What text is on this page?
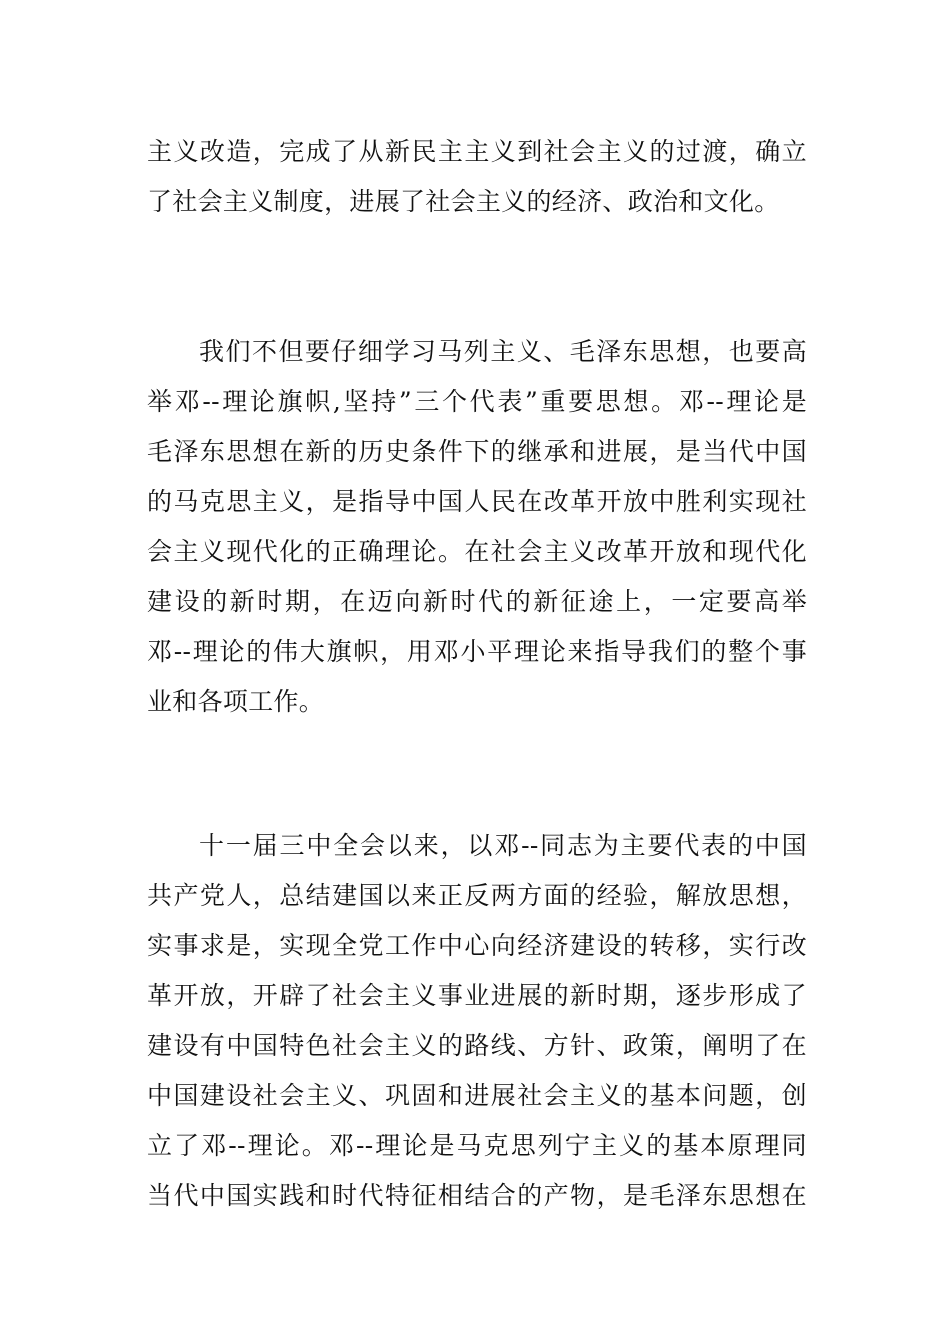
主义改造，完成了从新民主主义到社会主义的过渡，确立
了社会主义制度，进展了社会主义的经济、政治和文化。
我们不但要仔细学习马列主义、毛泽东思想，也要高
举邓--理论旗帜,坚持”三个代表”重要思想。邓--理论是
毛泽东思想在新的历史条件下的继承和进展，是当代中国
的马克思主义，是指导中国人民在改革开放中胜利实现社
会主义现代化的正确理论。在社会主义改革开放和现代化
建设的新时期，在迈向新时代的新征途上，一定要高举
邓--理论的伟大旗帜，用邓小平理论来指导我们的整个事
业和各项工作。
十一届三中全会以来，以邓--同志为主要代表的中国
共产党人，总结建国以来正反两方面的经验，解放思想，
实事求是，实现全党工作中心向经济建设的转移，实行改
革开放，开辟了社会主义事业进展的新时期，逐步形成了
建设有中国特色社会主义的路线、方针、政策，阐明了在
中国建设社会主义、巩固和进展社会主义的基本问题，创
立了邓--理论。邓--理论是马克思列宁主义的基本原理同
当代中国实践和时代特征相结合的产物，是毛泽东思想在
